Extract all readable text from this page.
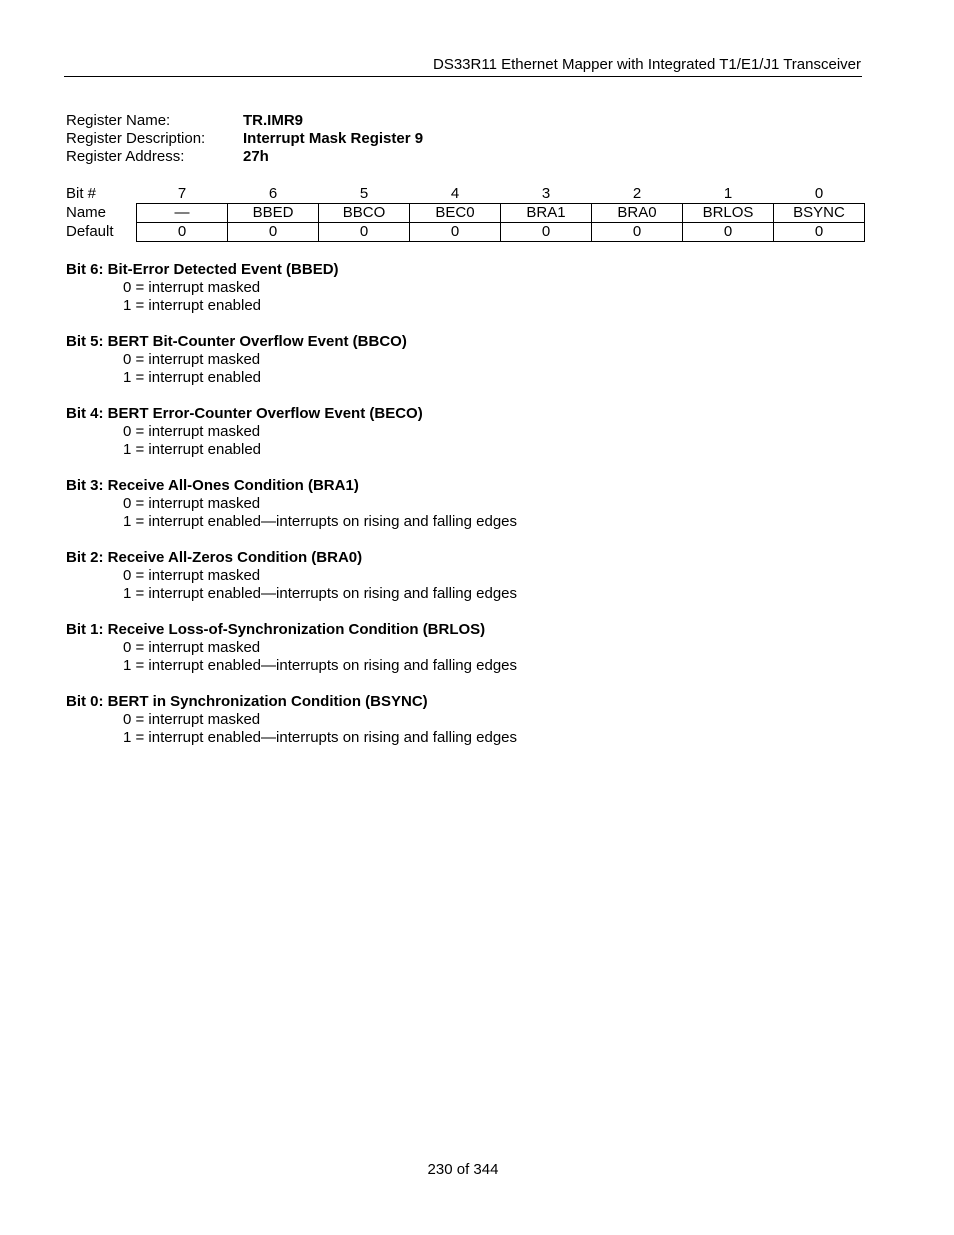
DS33R11 Ethernet Mapper with Integrated T1/E1/J1 Transceiver
Register Name:	TR.IMR9
Register Description:	Interrupt Mask Register 9
Register Address:	27h
Bit #	7	6	5	4	3	2	1	0
Name	—	BBED	BBCO	BEC0	BRA1	BRA0	BRLOS	BSYNC
Default	0	0	0	0	0	0	0	0
Bit 6: Bit-Error Detected Event (BBED)
0 = interrupt masked
1 = interrupt enabled
Bit 5: BERT Bit-Counter Overflow Event (BBCO)
0 = interrupt masked
1 = interrupt enabled
Bit 4: BERT Error-Counter Overflow Event (BECO)
0 = interrupt masked
1 = interrupt enabled
Bit 3: Receive All-Ones Condition (BRA1)
0 = interrupt masked
1 = interrupt enabled—interrupts on rising and falling edges
Bit 2: Receive All-Zeros Condition (BRA0)
0 = interrupt masked
1 = interrupt enabled—interrupts on rising and falling edges
Bit 1: Receive Loss-of-Synchronization Condition (BRLOS)
0 = interrupt masked
1 = interrupt enabled—interrupts on rising and falling edges
Bit 0: BERT in Synchronization Condition (BSYNC)
0 = interrupt masked
1 = interrupt enabled—interrupts on rising and falling edges
230 of 344
